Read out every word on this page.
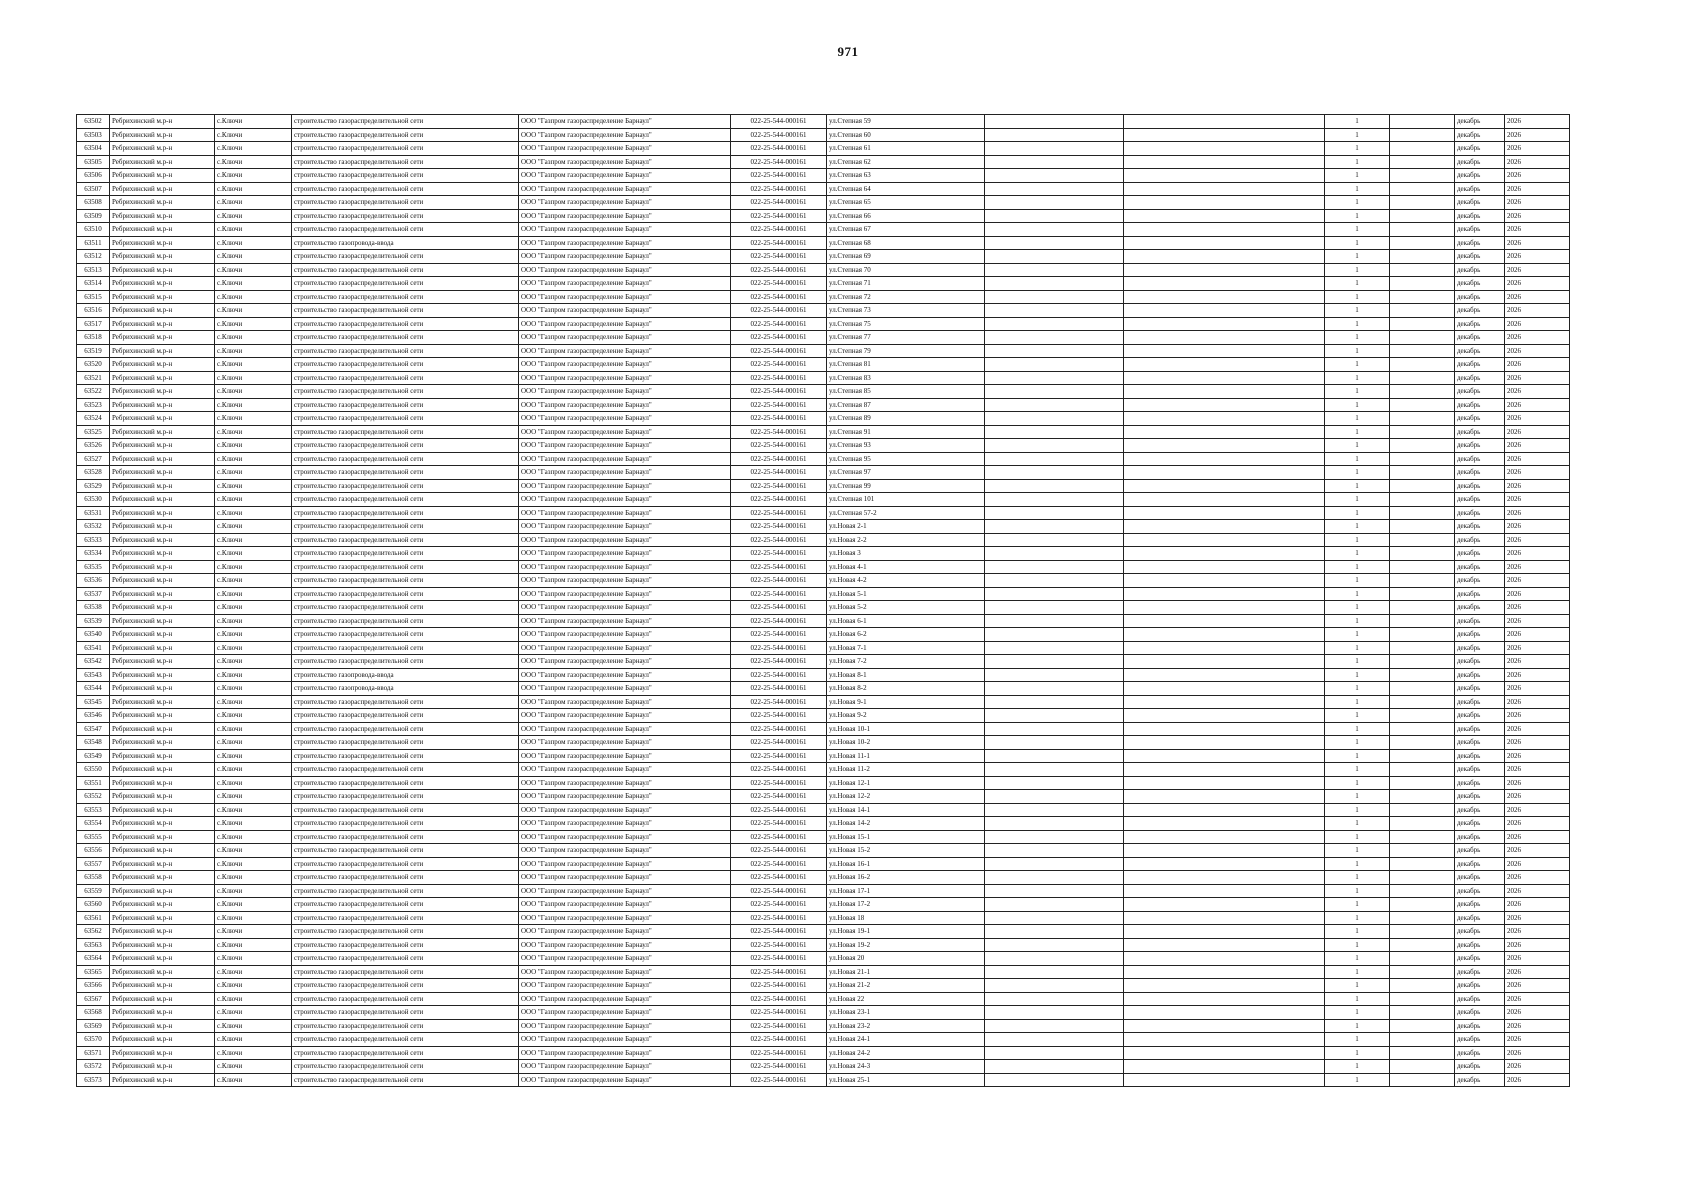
971
63502	Ребрихинский м.р-н	с.Ключи	строительство газораспределительной сети	ООО "Газпром газораспределение Барнаул"	022-25-544-000161	ул.Степная 59			1		декабрь	2026
63503	Ребрихинский м.р-н	с.Ключи	строительство газораспределительной сети	ООО "Газпром газораспределение Барнаул"	022-25-544-000161	ул.Степная 60			1		декабрь	2026
63504	Ребрихинский м.р-н	с.Ключи	строительство газораспределительной сети	ООО "Газпром газораспределение Барнаул"	022-25-544-000161	ул.Степная 61			1		декабрь	2026
63505	Ребрихинский м.р-н	с.Ключи	строительство газораспределительной сети	ООО "Газпром газораспределение Барнаул"	022-25-544-000161	ул.Степная 62			1		декабрь	2026
63506	Ребрихинский м.р-н	с.Ключи	строительство газораспределительной сети	ООО "Газпром газораспределение Барнаул"	022-25-544-000161	ул.Степная 63			1		декабрь	2026
63507	Ребрихинский м.р-н	с.Ключи	строительство газораспределительной сети	ООО "Газпром газораспределение Барнаул"	022-25-544-000161	ул.Степная 64			1		декабрь	2026
63508	Ребрихинский м.р-н	с.Ключи	строительство газораспределительной сети	ООО "Газпром газораспределение Барнаул"	022-25-544-000161	ул.Степная 65			1		декабрь	2026
63509	Ребрихинский м.р-н	с.Ключи	строительство газораспределительной сети	ООО "Газпром газораспределение Барнаул"	022-25-544-000161	ул.Степная 66			1		декабрь	2026
63510	Ребрихинский м.р-н	с.Ключи	строительство газораспределительной сети	ООО "Газпром газораспределение Барнаул"	022-25-544-000161	ул.Степная 67			1		декабрь	2026
63511	Ребрихинский м.р-н	с.Ключи	строительство газопровода-ввода	ООО "Газпром газораспределение Барнаул"	022-25-544-000161	ул.Степная 68			1		декабрь	2026
63512	Ребрихинский м.р-н	с.Ключи	строительство газораспределительной сети	ООО "Газпром газораспределение Барнаул"	022-25-544-000161	ул.Степная 69			1		декабрь	2026
63513	Ребрихинский м.р-н	с.Ключи	строительство газораспределительной сети	ООО "Газпром газораспределение Барнаул"	022-25-544-000161	ул.Степная 70			1		декабрь	2026
63514	Ребрихинский м.р-н	с.Ключи	строительство газораспределительной сети	ООО "Газпром газораспределение Барнаул"	022-25-544-000161	ул.Степная 71			1		декабрь	2026
63515	Ребрихинский м.р-н	с.Ключи	строительство газораспределительной сети	ООО "Газпром газораспределение Барнаул"	022-25-544-000161	ул.Степная 72			1		декабрь	2026
63516	Ребрихинский м.р-н	с.Ключи	строительство газораспределительной сети	ООО "Газпром газораспределение Барнаул"	022-25-544-000161	ул.Степная 73			1		декабрь	2026
63517	Ребрихинский м.р-н	с.Ключи	строительство газораспределительной сети	ООО "Газпром газораспределение Барнаул"	022-25-544-000161	ул.Степная 75			1		декабрь	2026
63518	Ребрихинский м.р-н	с.Ключи	строительство газораспределительной сети	ООО "Газпром газораспределение Барнаул"	022-25-544-000161	ул.Степная 77			1		декабрь	2026
63519	Ребрихинский м.р-н	с.Ключи	строительство газораспределительной сети	ООО "Газпром газораспределение Барнаул"	022-25-544-000161	ул.Степная 79			1		декабрь	2026
63520	Ребрихинский м.р-н	с.Ключи	строительство газораспределительной сети	ООО "Газпром газораспределение Барнаул"	022-25-544-000161	ул.Степная 81			1		декабрь	2026
63521	Ребрихинский м.р-н	с.Ключи	строительство газораспределительной сети	ООО "Газпром газораспределение Барнаул"	022-25-544-000161	ул.Степная 83			1		декабрь	2026
63522	Ребрихинский м.р-н	с.Ключи	строительство газораспределительной сети	ООО "Газпром газораспределение Барнаул"	022-25-544-000161	ул.Степная 85			1		декабрь	2026
63523	Ребрихинский м.р-н	с.Ключи	строительство газораспределительной сети	ООО "Газпром газораспределение Барнаул"	022-25-544-000161	ул.Степная 87			1		декабрь	2026
63524	Ребрихинский м.р-н	с.Ключи	строительство газораспределительной сети	ООО "Газпром газораспределение Барнаул"	022-25-544-000161	ул.Степная 89			1		декабрь	2026
63525	Ребрихинский м.р-н	с.Ключи	строительство газораспределительной сети	ООО "Газпром газораспределение Барнаул"	022-25-544-000161	ул.Степная 91			1		декабрь	2026
63526	Ребрихинский м.р-н	с.Ключи	строительство газораспределительной сети	ООО "Газпром газораспределение Барнаул"	022-25-544-000161	ул.Степная 93			1		декабрь	2026
63527	Ребрихинский м.р-н	с.Ключи	строительство газораспределительной сети	ООО "Газпром газораспределение Барнаул"	022-25-544-000161	ул.Степная 95			1		декабрь	2026
63528	Ребрихинский м.р-н	с.Ключи	строительство газораспределительной сети	ООО "Газпром газораспределение Барнаул"	022-25-544-000161	ул.Степная 97			1		декабрь	2026
63529	Ребрихинский м.р-н	с.Ключи	строительство газораспределительной сети	ООО "Газпром газораспределение Барнаул"	022-25-544-000161	ул.Степная 99			1		декабрь	2026
63530	Ребрихинский м.р-н	с.Ключи	строительство газораспределительной сети	ООО "Газпром газораспределение Барнаул"	022-25-544-000161	ул.Степная 101			1		декабрь	2026
63531	Ребрихинский м.р-н	с.Ключи	строительство газораспределительной сети	ООО "Газпром газораспределение Барнаул"	022-25-544-000161	ул.Степная 57-2			1		декабрь	2026
63532	Ребрихинский м.р-н	с.Ключи	строительство газораспределительной сети	ООО "Газпром газораспределение Барнаул"	022-25-544-000161	ул.Новая 2-1			1		декабрь	2026
63533	Ребрихинский м.р-н	с.Ключи	строительство газораспределительной сети	ООО "Газпром газораспределение Барнаул"	022-25-544-000161	ул.Новая 2-2			1		декабрь	2026
63534	Ребрихинский м.р-н	с.Ключи	строительство газораспределительной сети	ООО "Газпром газораспределение Барнаул"	022-25-544-000161	ул.Новая 3			1		декабрь	2026
63535	Ребрихинский м.р-н	с.Ключи	строительство газораспределительной сети	ООО "Газпром газораспределение Барнаул"	022-25-544-000161	ул.Новая 4-1			1		декабрь	2026
63536	Ребрихинский м.р-н	с.Ключи	строительство газораспределительной сети	ООО "Газпром газораспределение Барнаул"	022-25-544-000161	ул.Новая 4-2			1		декабрь	2026
63537	Ребрихинский м.р-н	с.Ключи	строительство газораспределительной сети	ООО "Газпром газораспределение Барнаул"	022-25-544-000161	ул.Новая 5-1			1		декабрь	2026
63538	Ребрихинский м.р-н	с.Ключи	строительство газораспределительной сети	ООО "Газпром газораспределение Барнаул"	022-25-544-000161	ул.Новая 5-2			1		декабрь	2026
63539	Ребрихинский м.р-н	с.Ключи	строительство газораспределительной сети	ООО "Газпром газораспределение Барнаул"	022-25-544-000161	ул.Новая 6-1			1		декабрь	2026
63540	Ребрихинский м.р-н	с.Ключи	строительство газораспределительной сети	ООО "Газпром газораспределение Барнаул"	022-25-544-000161	ул.Новая 6-2			1		декабрь	2026
63541	Ребрихинский м.р-н	с.Ключи	строительство газораспределительной сети	ООО "Газпром газораспределение Барнаул"	022-25-544-000161	ул.Новая 7-1			1		декабрь	2026
63542	Ребрихинский м.р-н	с.Ключи	строительство газораспределительной сети	ООО "Газпром газораспределение Барнаул"	022-25-544-000161	ул.Новая 7-2			1		декабрь	2026
63543	Ребрихинский м.р-н	с.Ключи	строительство газопровода-ввода	ООО "Газпром газораспределение Барнаул"	022-25-544-000161	ул.Новая 8-1			1		декабрь	2026
63544	Ребрихинский м.р-н	с.Ключи	строительство газопровода-ввода	ООО "Газпром газораспределение Барнаул"	022-25-544-000161	ул.Новая 8-2			1		декабрь	2026
63545	Ребрихинский м.р-н	с.Ключи	строительство газораспределительной сети	ООО "Газпром газораспределение Барнаул"	022-25-544-000161	ул.Новая 9-1			1		декабрь	2026
63546	Ребрихинский м.р-н	с.Ключи	строительство газораспределительной сети	ООО "Газпром газораспределение Барнаул"	022-25-544-000161	ул.Новая 9-2			1		декабрь	2026
63547	Ребрихинский м.р-н	с.Ключи	строительство газораспределительной сети	ООО "Газпром газораспределение Барнаул"	022-25-544-000161	ул.Новая 10-1			1		декабрь	2026
63548	Ребрихинский м.р-н	с.Ключи	строительство газораспределительной сети	ООО "Газпром газораспределение Барнаул"	022-25-544-000161	ул.Новая 10-2			1		декабрь	2026
63549	Ребрихинский м.р-н	с.Ключи	строительство газораспределительной сети	ООО "Газпром газораспределение Барнаул"	022-25-544-000161	ул.Новая 11-1			1		декабрь	2026
63550	Ребрихинский м.р-н	с.Ключи	строительство газораспределительной сети	ООО "Газпром газораспределение Барнаул"	022-25-544-000161	ул.Новая 11-2			1		декабрь	2026
63551	Ребрихинский м.р-н	с.Ключи	строительство газораспределительной сети	ООО "Газпром газораспределение Барнаул"	022-25-544-000161	ул.Новая 12-1			1		декабрь	2026
63552	Ребрихинский м.р-н	с.Ключи	строительство газораспределительной сети	ООО "Газпром газораспределение Барнаул"	022-25-544-000161	ул.Новая 12-2			1		декабрь	2026
63553	Ребрихинский м.р-н	с.Ключи	строительство газораспределительной сети	ООО "Газпром газораспределение Барнаул"	022-25-544-000161	ул.Новая 14-1			1		декабрь	2026
63554	Ребрихинский м.р-н	с.Ключи	строительство газораспределительной сети	ООО "Газпром газораспределение Барнаул"	022-25-544-000161	ул.Новая 14-2			1		декабрь	2026
63555	Ребрихинский м.р-н	с.Ключи	строительство газораспределительной сети	ООО "Газпром газораспределение Барнаул"	022-25-544-000161	ул.Новая 15-1			1		декабрь	2026
63556	Ребрихинский м.р-н	с.Ключи	строительство газораспределительной сети	ООО "Газпром газораспределение Барнаул"	022-25-544-000161	ул.Новая 15-2			1		декабрь	2026
63557	Ребрихинский м.р-н	с.Ключи	строительство газораспределительной сети	ООО "Газпром газораспределение Барнаул"	022-25-544-000161	ул.Новая 16-1			1		декабрь	2026
63558	Ребрихинский м.р-н	с.Ключи	строительство газораспределительной сети	ООО "Газпром газораспределение Барнаул"	022-25-544-000161	ул.Новая 16-2			1		декабрь	2026
63559	Ребрихинский м.р-н	с.Ключи	строительство газораспределительной сети	ООО "Газпром газораспределение Барнаул"	022-25-544-000161	ул.Новая 17-1			1		декабрь	2026
63560	Ребрихинский м.р-н	с.Ключи	строительство газораспределительной сети	ООО "Газпром газораспределение Барнаул"	022-25-544-000161	ул.Новая 17-2			1		декабрь	2026
63561	Ребрихинский м.р-н	с.Ключи	строительство газораспределительной сети	ООО "Газпром газораспределение Барнаул"	022-25-544-000161	ул.Новая 18			1		декабрь	2026
63562	Ребрихинский м.р-н	с.Ключи	строительство газораспределительной сети	ООО "Газпром газораспределение Барнаул"	022-25-544-000161	ул.Новая 19-1			1		декабрь	2026
63563	Ребрихинский м.р-н	с.Ключи	строительство газораспределительной сети	ООО "Газпром газораспределение Барнаул"	022-25-544-000161	ул.Новая 19-2			1		декабрь	2026
63564	Ребрихинский м.р-н	с.Ключи	строительство газораспределительной сети	ООО "Газпром газораспределение Барнаул"	022-25-544-000161	ул.Новая 20			1		декабрь	2026
63565	Ребрихинский м.р-н	с.Ключи	строительство газораспределительной сети	ООО "Газпром газораспределение Барнаул"	022-25-544-000161	ул.Новая 21-1			1		декабрь	2026
63566	Ребрихинский м.р-н	с.Ключи	строительство газораспределительной сети	ООО "Газпром газораспределение Барнаул"	022-25-544-000161	ул.Новая 21-2			1		декабрь	2026
63567	Ребрихинский м.р-н	с.Ключи	строительство газораспределительной сети	ООО "Газпром газораспределение Барнаул"	022-25-544-000161	ул.Новая 22			1		декабрь	2026
63568	Ребрихинский м.р-н	с.Ключи	строительство газораспределительной сети	ООО "Газпром газораспределение Барнаул"	022-25-544-000161	ул.Новая 23-1			1		декабрь	2026
63569	Ребрихинский м.р-н	с.Ключи	строительство газораспределительной сети	ООО "Газпром газораспределение Барнаул"	022-25-544-000161	ул.Новая 23-2			1		декабрь	2026
63570	Ребрихинский м.р-н	с.Ключи	строительство газораспределительной сети	ООО "Газпром газораспределение Барнаул"	022-25-544-000161	ул.Новая 24-1			1		декабрь	2026
63571	Ребрихинский м.р-н	с.Ключи	строительство газораспределительной сети	ООО "Газпром газораспределение Барнаул"	022-25-544-000161	ул.Новая 24-2			1		декабрь	2026
63572	Ребрихинский м.р-н	с.Ключи	строительство газораспределительной сети	ООО "Газпром газораспределение Барнаул"	022-25-544-000161	ул.Новая 24-3			1		декабрь	2026
63573	Ребрихинский м.р-н	с.Ключи	строительство газораспределительной сети	ООО "Газпром газораспределение Барнаул"	022-25-544-000161	ул.Новая 25-1			1		декабрь	2026
